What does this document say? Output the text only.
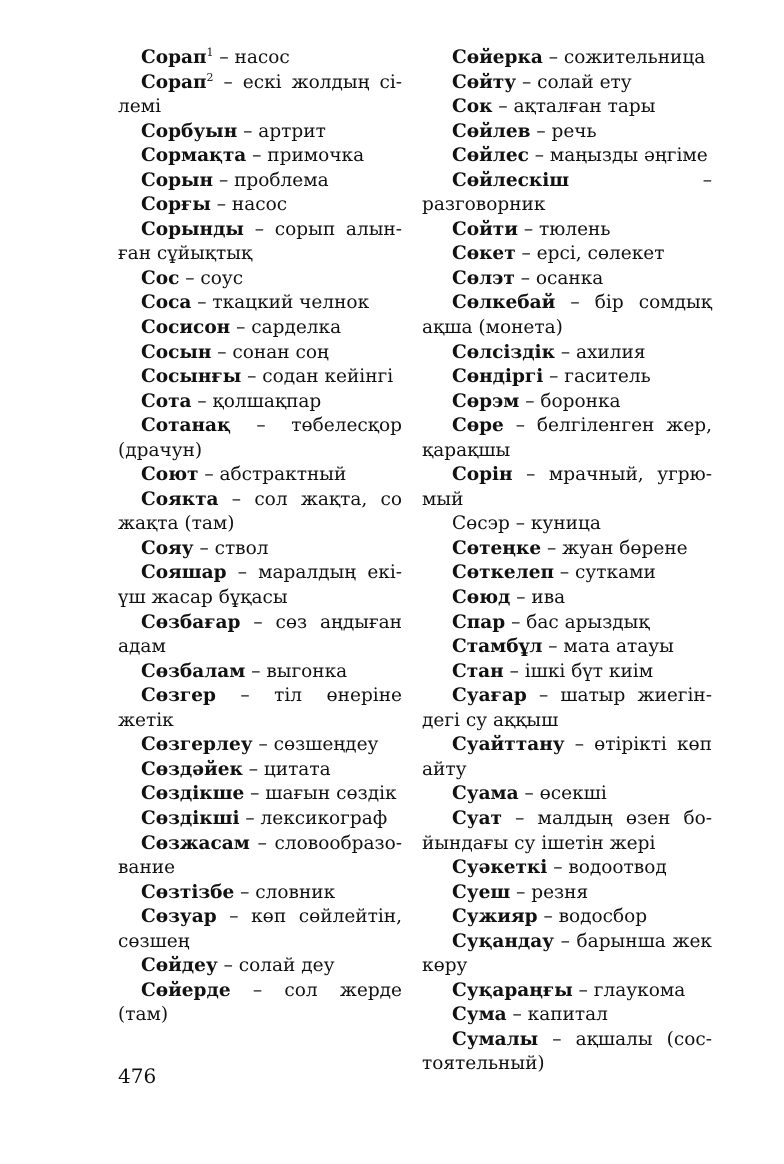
Сорап$^1$ – насос

Сорап$^2$ – ескі жолдың сі-лемі

Сорбуын – артрит

Сормақта – примочка

Сорын – проблема

Сорғы – насос

Сорынды – сорып алын-ған сұйықтық

Сос – соус

Соса – ткацкий челнок

Сосисон – сарделка

Сосын – сонан соң

Сосынғы – содан кейінгі

Сота – қолшақпар

Сотанақ – төбелесқор (драчун)

Соют – абстрактный

Соякта – сол жақта, со жақта (там)

Сояу – ствол

Сояшар – маралдың екі-үш жасар бұқасы

Сөзбағар – сөз аңдыған адам

Сөзбалам – выгонка

Сөзгер – тіл өнеріне жетік

Сөзгерлеу – сөзшеңдеу

Сөздәйек – цитата

Сөздікше – шағын сөздік

Сөздікші – лексикограф

Сөзжасам – словообразо-вание

Сөзтізбе – словник

Сөзуар – көп сөйлейтін, сөзшең

Сөйдеу – солай деу

Сөйерде – сол жерде (там)

Сөйерка – сожительница

Сөйту – солай ету

Сок – ақталған тары

Сөйлев – речь

Сөйлес – маңызды әңгіме

Сөйлескіш – разговорник

Сойти – тюлень

Сөкет – ерсі, сөлекет

Сөлэт – осанка

Сөлкебай – бір сомдық ақша (монета)

Сөлсіздік – ахилия

Сөндіргі – гаситель

Сөрэм – боронка

Сөре – белгіленген жер, қарақшы

Сорін – мрачный, угрю-мый

Сөсэр – куница

Сөтеңке – жуан бөрене

Сөткелеп – сутками

Сөюд – ива

Спар – бас арыздық

Стамбұл – мата атауы

Стан – ішкі бүт киім

Суағар – шатыр жиегін-дегі су аққыш

Суайттану – өтірікті көп айту

Суама – өсекші

Суат – малдың өзен бо-йындағы су ішетін жері

Суәкеткі – водоотвод

Суеш – резня

Сужияр – водосбор

Суқандау – барынша жек көру

Суқараңғы – глаукома

Сума – капитал

Сумалы – ақшалы (сос-тоятельный)

476
